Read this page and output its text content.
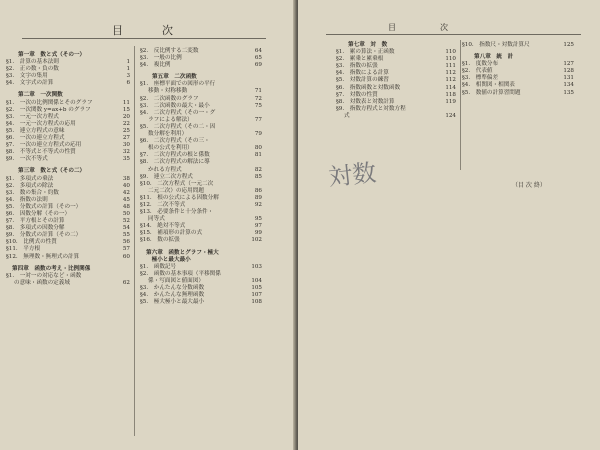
目　次
第一章　数と式（その一）
§1.　計算の基本法則	1
§2.　正の数・負の数	1
§3.　文字の集用	3
§4.　文字式の計算	6
第二章　一次関数
§1.　一次の比例関係とそのグラフ	11
§2.　一次関数 y=ax+b のグラフ	15
§3.　一元一次方程式	20
§4.　一元一次方程式の応用	22
§5.　連立方程式の意味	25
§6.　一次の連立方程式	27
§7.　一次の連立方程式の応用	30
§8.　不等式と不等式の性質	32
§9.　一次不等式	35
第三章　数と式（その二）
§1.　多項式の乗法	38
§2.　多項式の除法	40
§3.　数の集合・約数	42
§4.　指数の法則	45
§5.　分数式の計算（その一）	48
§6.　因数分解（その一）	50
§7.　平方根とその計算	52
§8.　多項式の因数分解	54
§9.　分数式の計算（その二）	55
§10.　比例式の性質	56
§11.　平方根	57
§12.　無理数・無理式の計算	60
第四章　函数の考え・比例関係
§1.　一対一の対応など・函数
の意味・函数の定義域	62
§2.　反比例する二変数	64
§3.　一般の比例	65
§4.　複比例	69
第五章　二次函数
§1.　座標平面での図形の平行
移動・対称移動	71
§2.　二次函数のグラフ	72
§3.　二次函数の最大・最小	75
§4.　二次方程式（その一・グ
ラフによる解法）	77
§5.　二次方程式（その二・因
数分解を利用）	79
§6.　二次方程式（その三・
根の公式を利用）	80
§7.　二次方程式の根と係数	81
§8.　二次方程式の解法に導
かれる方程式	82
§9.　連立二次方程式	85
§10.　二次方程式（一元二次
二元二次）の応用問題	86
§11.　根の公式による因数分解	89
§12.　二次不等式	92
§13.　必要条件と十分条件・
同等式	95
§14.　絶対不等式	97
§15.　補項形の計算の式	99
§16.　数の拡張	102
第六章　函数とグラフ・極大
　極小と最大最小
§1.　函数記号	103
§2.　函数の基本事項（平移関係
係・写面図と値面図）	104
§3.　かんたんな分数函数	105
§4.　かんたんな無理函数	107
§5.　極大極小と最大最小	108
目　次
第七章　対　数
§1.　累の算法・正函数	110
§2.　累乗と累乗根	110
§3.　指数の拡張	111
§4.　指数による計算	112
§5.　対数計算の練習	112
§6.　指数函数と対数函数	114
§7.　対数の性質	118
§8.　対数表と対数計算	119
§9.　指数方程式と対数方程
式	124
§10.　指数尺・対数計算尺	125
第八章　統　計
§1.　度数分布	127
§2.　代表値	128
§3.　標準偏差	131
§4.　相関図・相関表	134
§5.　数値の計算習問題	135
（目 次 終）
対数
